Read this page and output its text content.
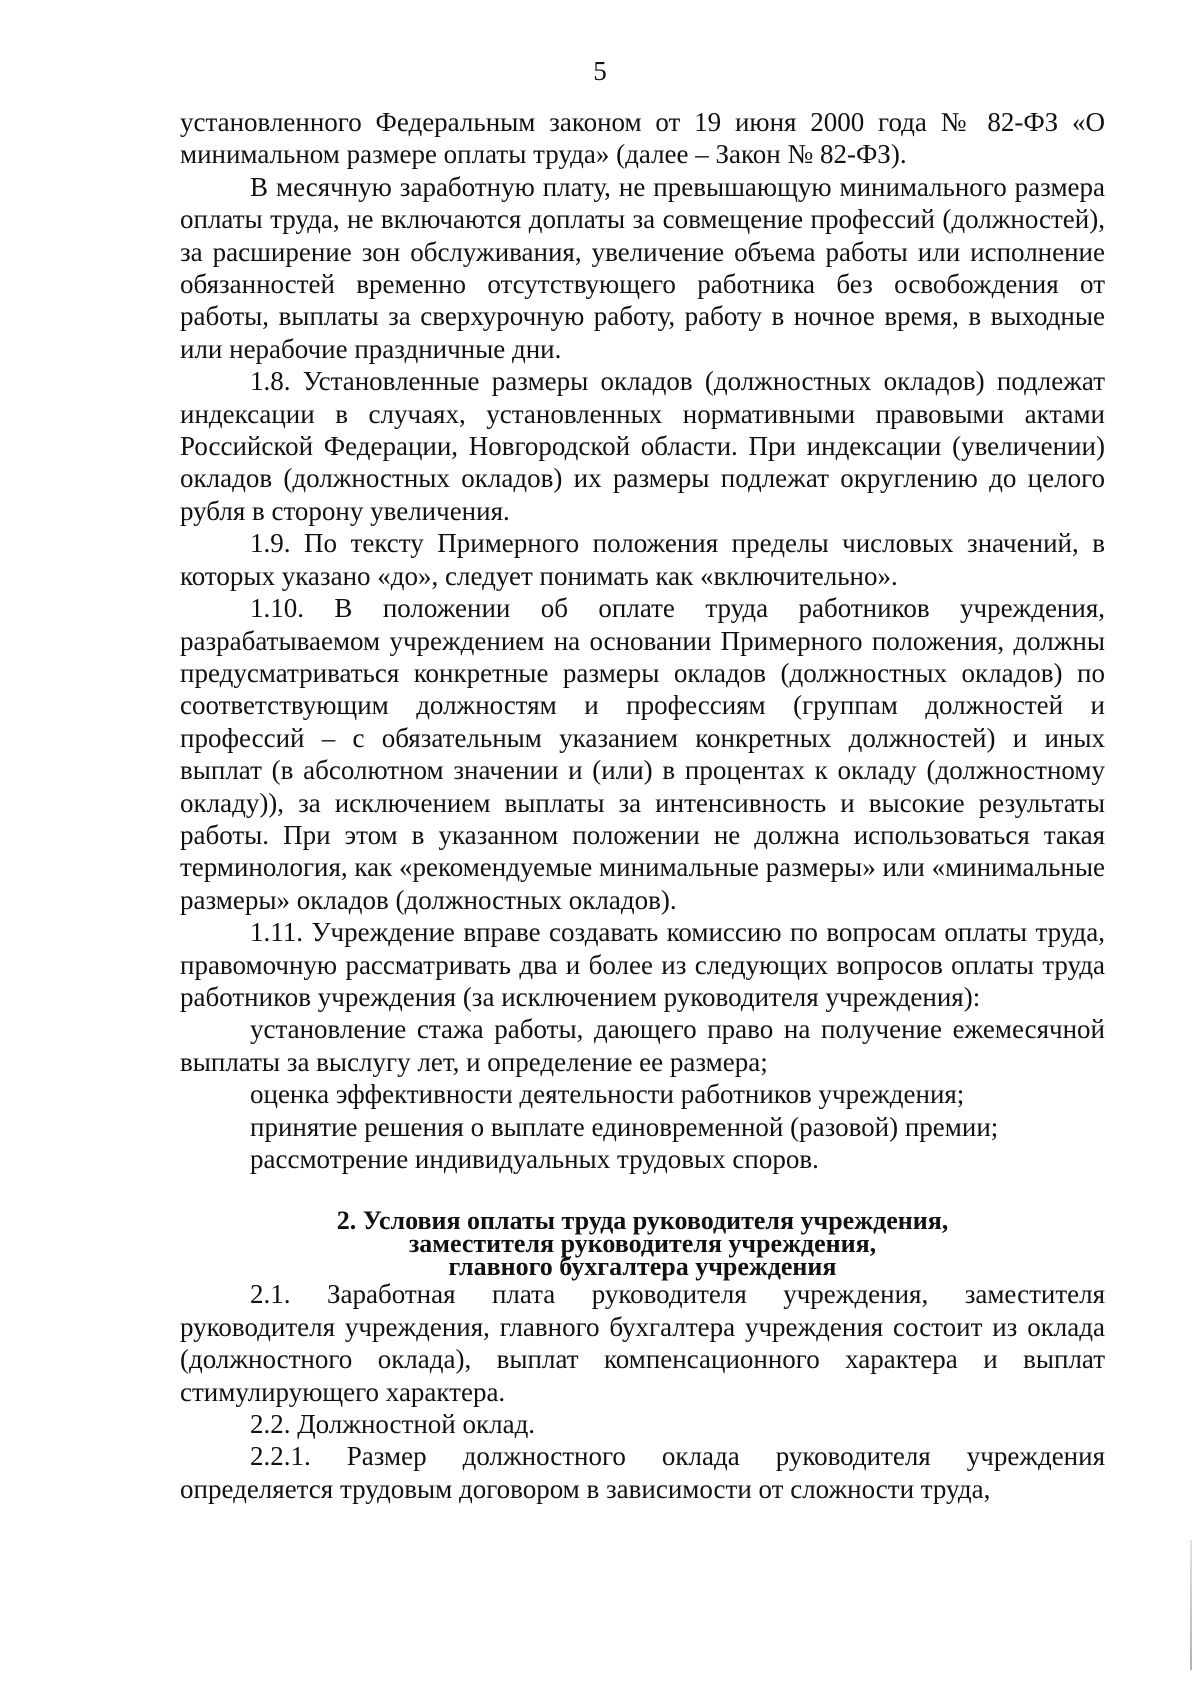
5

установленного Федеральным законом от 19 июня 2000 года № 82-ФЗ «О минимальном размере оплаты труда» (далее – Закон № 82-ФЗ).

В месячную заработную плату, не превышающую минимального размера оплаты труда, не включаются доплаты за совмещение профессий (должностей), за расширение зон обслуживания, увеличение объема работы или исполнение обязанностей временно отсутствующего работника без освобождения от работы, выплаты за сверхурочную работу, работу в ночное время, в выходные или нерабочие праздничные дни.

1.8. Установленные размеры окладов (должностных окладов) подлежат индексации в случаях, установленных нормативными правовыми актами Российской Федерации, Новгородской области. При индексации (увеличении) окладов (должностных окладов) их размеры подлежат округлению до целого рубля в сторону увеличения.

1.9. По тексту Примерного положения пределы числовых значений, в которых указано «до», следует понимать как «включительно».

1.10. В положении об оплате труда работников учреждения, разрабатываемом учреждением на основании Примерного положения, должны предусматриваться конкретные размеры окладов (должностных окладов) по соответствующим должностям и профессиям (группам должностей и профессий – с обязательным указанием конкретных должностей) и иных выплат (в абсолютном значении и (или) в процентах к окладу (должностному окладу)), за исключением выплаты за интенсивность и высокие результаты работы. При этом в указанном положении не должна использоваться такая терминология, как «рекомендуемые минимальные размеры» или «минимальные размеры» окладов (должностных окладов).

1.11. Учреждение вправе создавать комиссию по вопросам оплаты труда, правомочную рассматривать два и более из следующих вопросов оплаты труда работников учреждения (за исключением руководителя учреждения):

установление стажа работы, дающего право на получение ежемесячной выплаты за выслугу лет, и определение ее размера;

оценка эффективности деятельности работников учреждения;

принятие решения о выплате единовременной (разовой) премии;

рассмотрение индивидуальных трудовых споров.

2. Условия оплаты труда руководителя учреждения,
заместителя руководителя учреждения,
главного бухгалтера учреждения

2.1. Заработная плата руководителя учреждения, заместителя руководителя учреждения, главного бухгалтера учреждения состоит из оклада (должностного оклада), выплат компенсационного характера и выплат стимулирующего характера.

2.2. Должностной оклад.

2.2.1. Размер должностного оклада руководителя учреждения определяется трудовым договором в зависимости от сложности труда,
